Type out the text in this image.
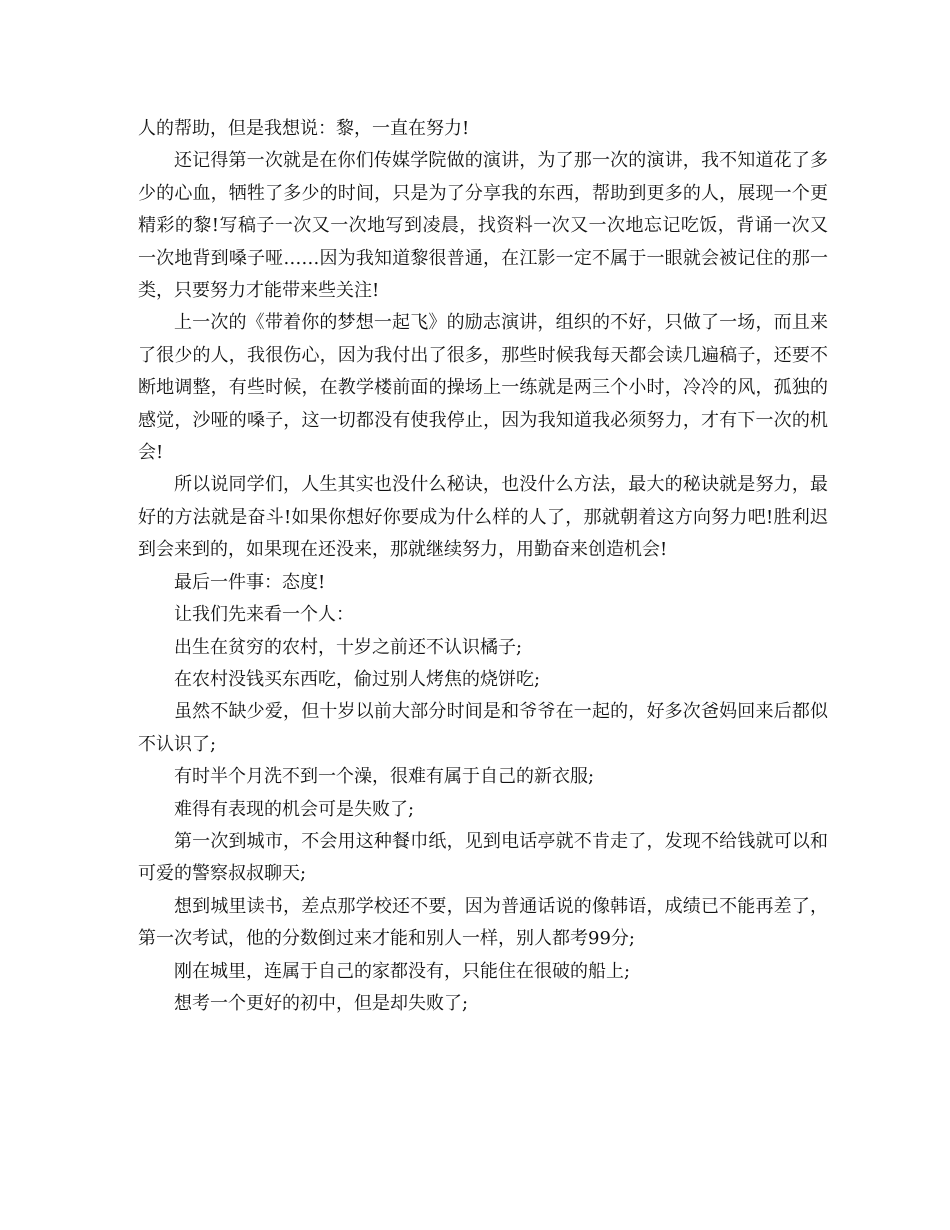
人的帮助，但是我想说：黎，一直在努力!

还记得第一次就是在你们传媒学院做的演讲，为了那一次的演讲，我不知道花了多少的心血，牺牲了多少的时间，只是为了分享我的东西，帮助到更多的人，展现一个更精彩的黎!写稿子一次又一次地写到凌晨，找资料一次又一次地忘记吃饭，背诵一次又一次地背到嗓子哑……因为我知道黎很普通，在江影一定不属于一眼就会被记住的那一类，只要努力才能带来些关注!

上一次的《带着你的梦想一起飞》的励志演讲，组织的不好，只做了一场，而且来了很少的人，我很伤心，因为我付出了很多，那些时候我每天都会读几遍稿子，还要不断地调整，有些时候，在教学楼前面的操场上一练就是两三个小时，冷冷的风，孤独的感觉，沙哑的嗓子，这一切都没有使我停止，因为我知道我必须努力，才有下一次的机会!

所以说同学们，人生其实也没什么秘诀，也没什么方法，最大的秘诀就是努力，最好的方法就是奋斗!如果你想好你要成为什么样的人了，那就朝着这方向努力吧!胜利迟到会来到的，如果现在还没来，那就继续努力，用勤奋来创造机会!

最后一件事：态度!

让我们先来看一个人：

出生在贫穷的农村，十岁之前还不认识橘子;

在农村没钱买东西吃，偷过别人烤焦的烧饼吃;

虽然不缺少爱，但十岁以前大部分时间是和爷爷在一起的，好多次爸妈回来后都似不认识了;

有时半个月洗不到一个澡，很难有属于自己的新衣服;

难得有表现的机会可是失败了;

第一次到城市，不会用这种餐巾纸，见到电话亭就不肯走了，发现不给钱就可以和可爱的警察叔叔聊天;

想到城里读书，差点那学校还不要，因为普通话说的像韩语，成绩已不能再差了，第一次考试，他的分数倒过来才能和别人一样，别人都考99分;

刚在城里，连属于自己的家都没有，只能住在很破的船上;

想考一个更好的初中，但是却失败了;
